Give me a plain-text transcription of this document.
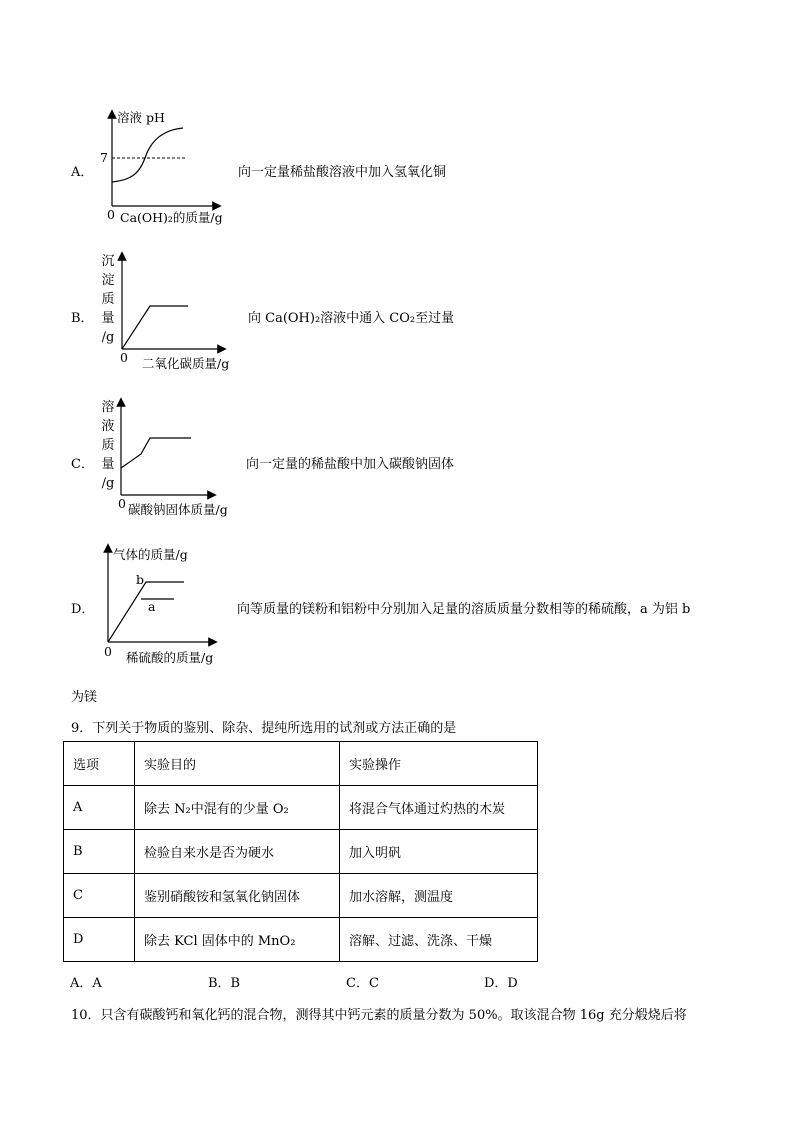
A．
溶液 pH
7
0 Ca(OH)₂的质量/g
向一定量稀盐酸溶液中加入氢氧化铜
B．
沉
淀
质
量
/g
0 二氧化碳质量/g
向 Ca(OH)₂溶液中通入 CO₂至过量
C．
溶
液
质
量
/g
0 碳酸钠固体质量/g
向一定量的稀盐酸中加入碳酸钠固体
D．
气体的质量/g
b
a
0 稀硫酸的质量/g
向等质量的镁粉和铝粉中分别加入足量的溶质质量分数相等的稀硫酸，a 为铝 b
为镁
9．下列关于物质的鉴别、除杂、提纯所选用的试剂或方法正确的是
选项	实验目的	实验操作
A	除去 N₂中混有的少量 O₂	将混合气体通过灼热的木炭
B	检验自来水是否为硬水	加入明矾
C	鉴别硝酸铵和氢氧化钠固体	加水溶解，测温度
D	除去 KCl 固体中的 MnO₂	溶解、过滤、洗涤、干燥
A．A	B．B	C．C	D．D
10．只含有碳酸钙和氧化钙的混合物，测得其中钙元素的质量分数为 50%。取该混合物 16g 充分煅烧后将
